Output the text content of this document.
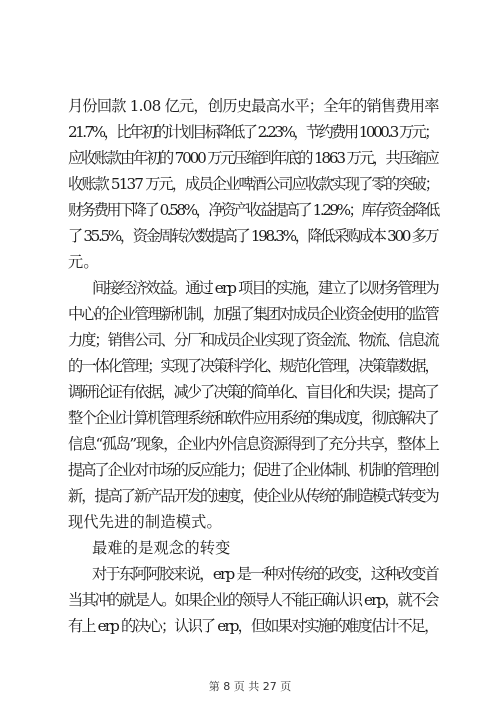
月份回款 1.08 亿元，创历史最高水平；全年的销售费用率
21.7%，比年初的计划目标降低了 2.23%，节约费用 1000.3 万元；
应收账款由年初的 7000 万元压缩到年底的 1863 万元，共压缩应
收账款 5137 万元，成员企业啤酒公司应收款实现了零的突破；
财务费用下降了 0.58%，净资产收益提高了 1.29%；库存资金降低
了 35.5%，资金周转次数提高了 198.3%，降低采购成本 300 多万
元。
间接经济效益。通过 erp 项目的实施，建立了以财务管理为
中心的企业管理新机制，加强了集团对成员企业资金使用的监管
力度；销售公司、分厂和成员企业实现了资金流、物流、信息流
的一体化管理；实现了决策科学化、规范化管理，决策靠数据，
调研论证有依据，减少了决策的简单化、盲目化和失误；提高了
整个企业计算机管理系统和软件应用系统的集成度，彻底解决了
信息“孤岛”现象，企业内外信息资源得到了充分共享，整体上
提高了企业对市场的反应能力；促进了企业体制、机制的管理创
新，提高了新产品开发的速度，使企业从传统的制造模式转变为
现代先进的制造模式。
最难的是观念的转变
对于东阿阿胶来说，erp 是一种对传统的改变，这种改变首
当其冲的就是人。如果企业的领导人不能正确认识 erp，就不会
有上 erp 的决心；认识了 erp，但如果对实施的难度估计不足，
第 8 页 共 27 页
